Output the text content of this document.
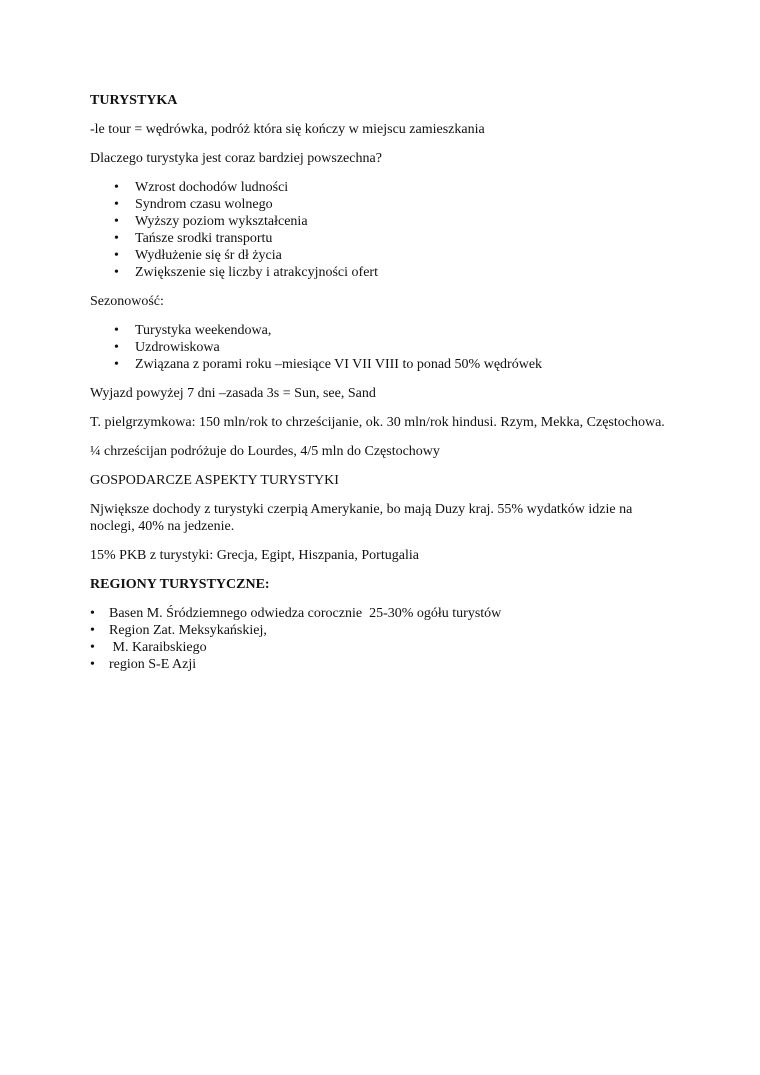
TURYSTYKA
-le tour = wędrówka, podróż która się kończy w miejscu zamieszkania
Dlaczego turystyka jest coraz bardziej powszechna?
• Wzrost dochodów ludności
• Syndrom czasu wolnego
• Wyższy poziom wykształcenia
• Tańsze srodki transportu
• Wydłużenie się śr dł życia
• Zwiększenie się liczby i atrakcyjności ofert
Sezonowość:
• Turystyka weekendowa,
• Uzdrowiskowa
• Związana z porami roku –miesiące VI VII VIII to ponad 50% wędrówek
Wyjazd powyżej 7 dni –zasada 3s = Sun, see, Sand
T. pielgrzymkowa: 150 mln/rok to chrześcijanie, ok. 30 mln/rok hindusi. Rzym, Mekka, Częstochowa.
¼ chrześcijan podróżuje do Lourdes, 4/5 mln do Częstochowy
GOSPODARCZE ASPEKTY TURYSTYKI
Njwiększe dochody z turystyki czerpią Amerykanie, bo mają Duzy kraj. 55% wydatków idzie na noclegi, 40% na jedzenie.
15% PKB z turystyki: Grecja, Egipt, Hiszpania, Portugalia
REGIONY TURYSTYCZNE:
• Basen M. Śródziemnego odwiedza corocznie  25-30% ogółu turystów
• Region Zat. Meksykańskiej,
•  M. Karaibskiego
• region S-E Azji
